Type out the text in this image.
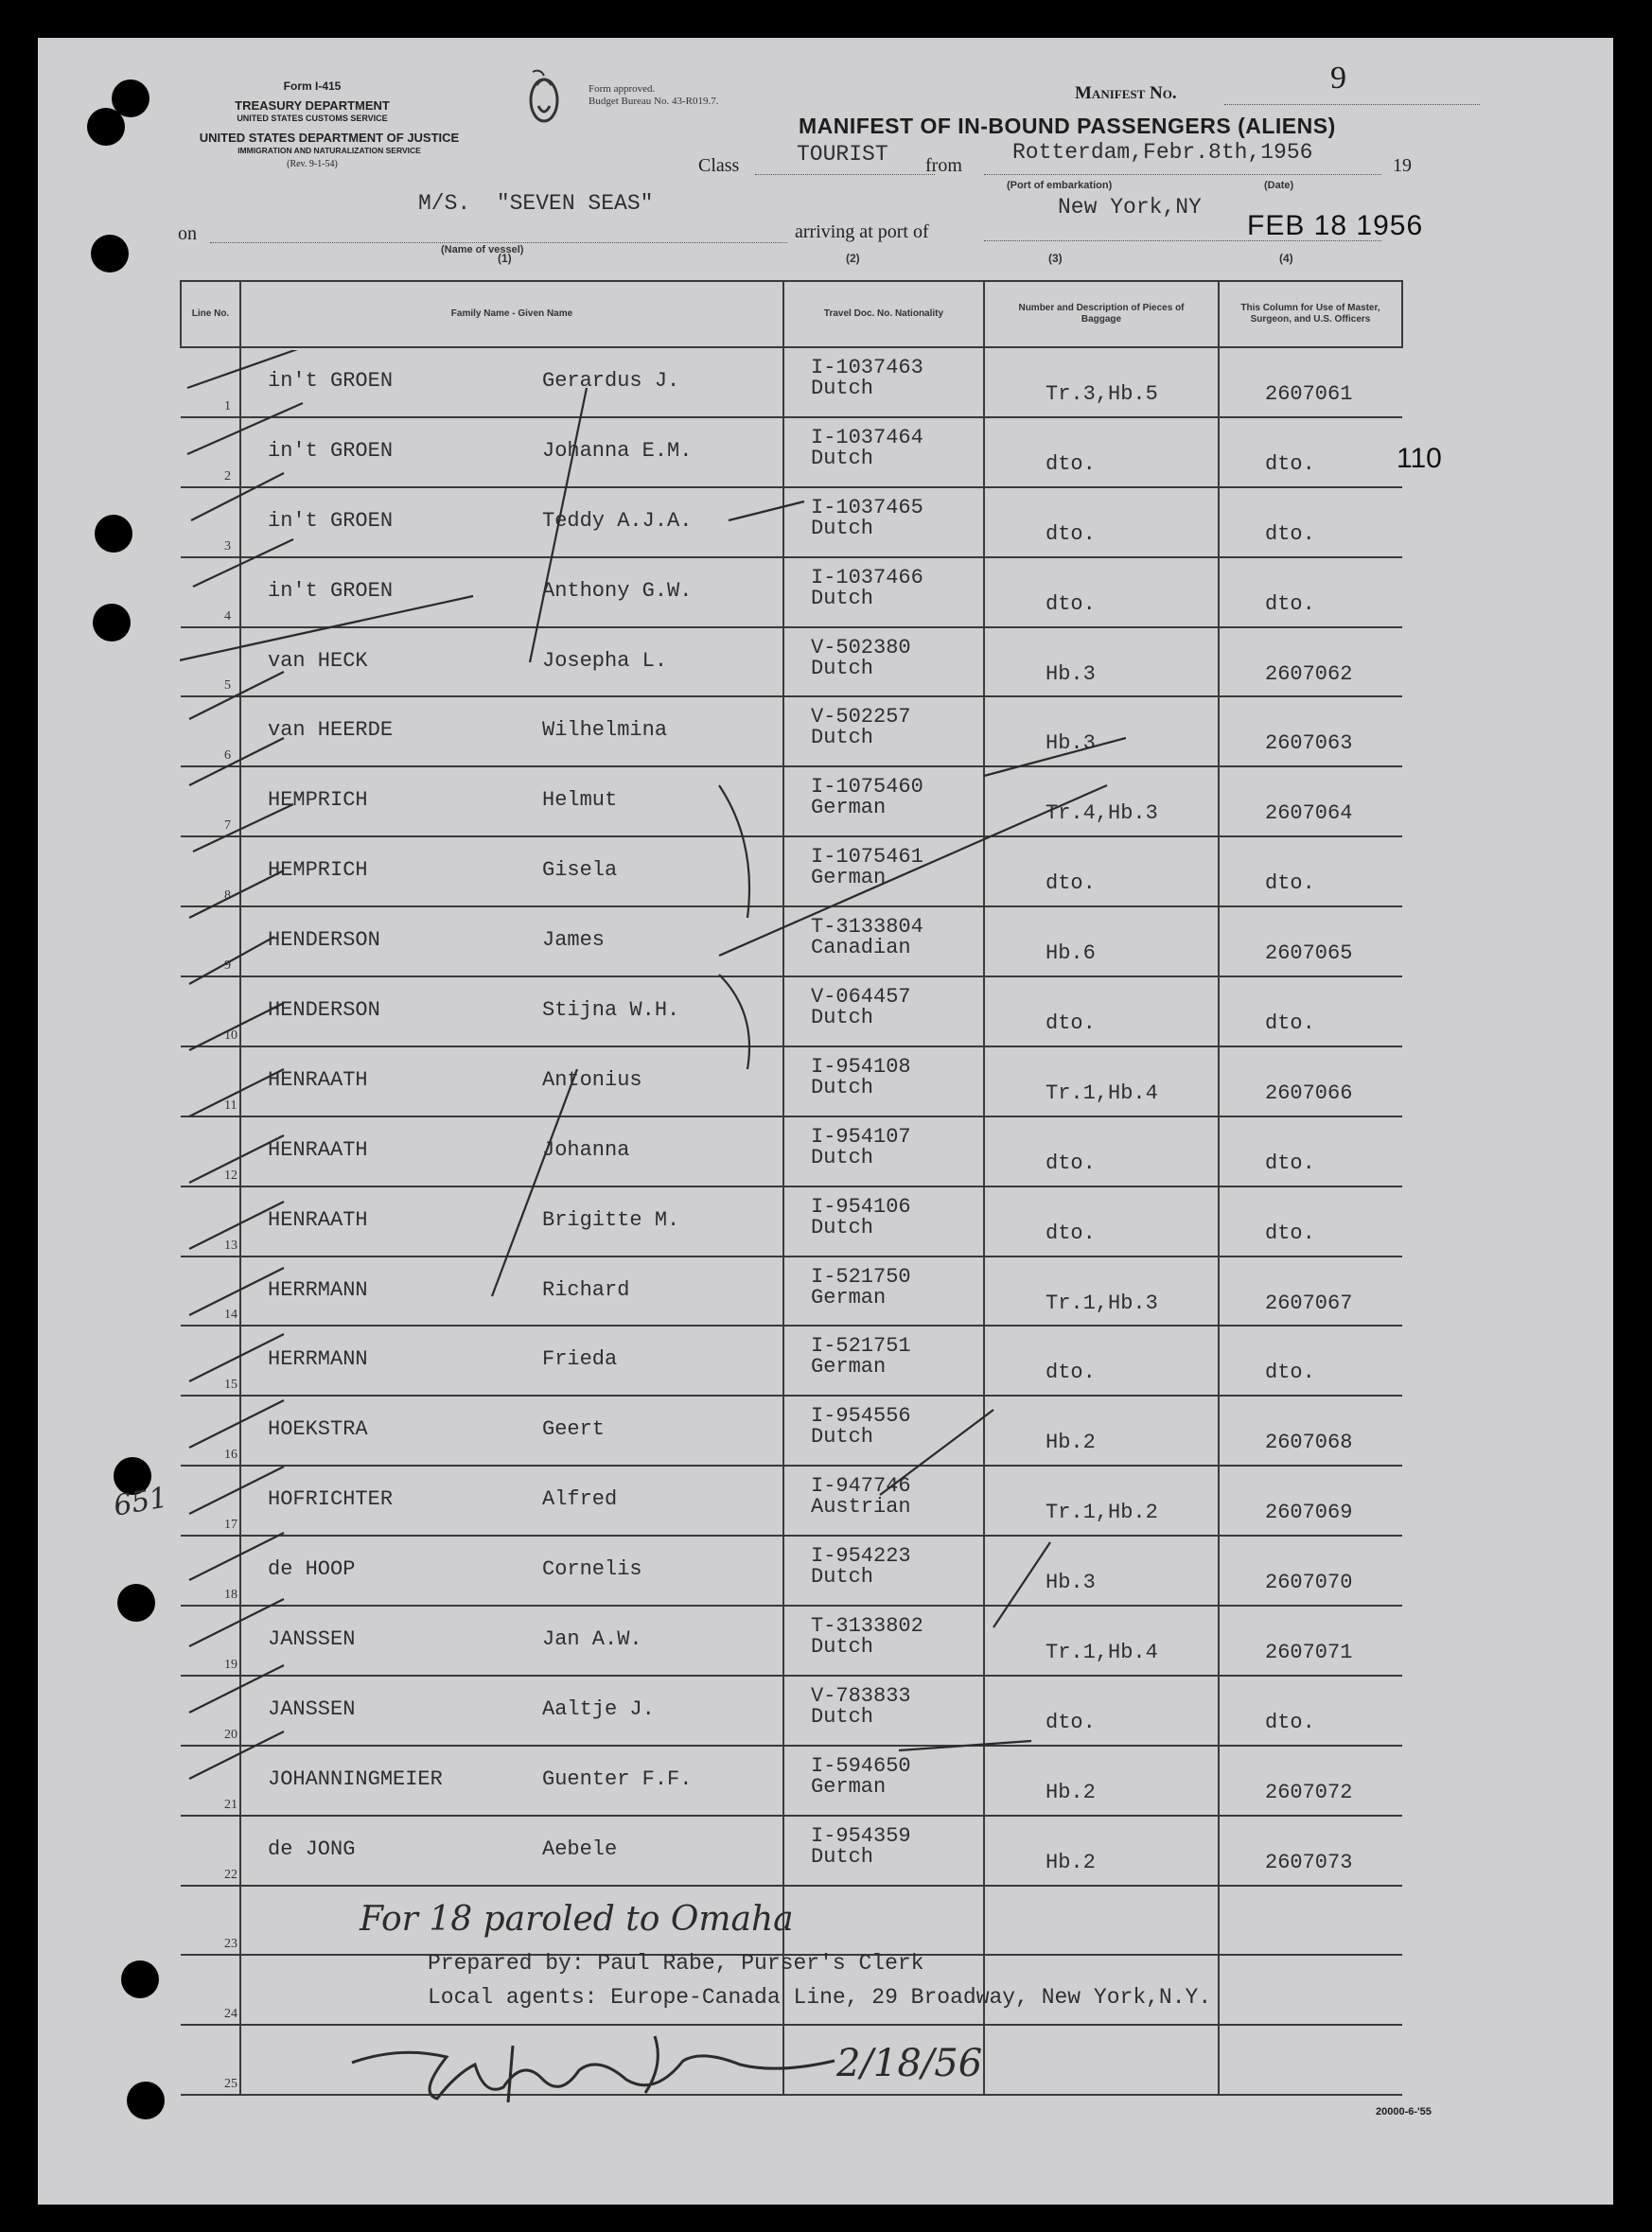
Form I-415
TREASURY DEPARTMENT
UNITED STATES CUSTOMS SERVICE
UNITED STATES DEPARTMENT OF JUSTICE
IMMIGRATION AND NATURALIZATION SERVICE
(Rev. 9-1-54)
Form approved.
Budget Bureau No. 43-R019.7.	Manifest No.	9
MANIFEST OF IN-BOUND PASSENGERS (ALIENS)
Class	TOURIST from
Rotterdam,Febr.8th,1956
19
(Port of embarkation)	(Date)
on
M/S.  "SEVEN SEAS"
(Name of vessel)
arriving at port of
New York,NY
FEB 18 1956
(1)	(2)	(3)	(4)
Line No.	Family Name - Given Name	Travel Doc. No. Nationality	Number and Description of Pieces of Baggage	This Column for Use of Master, Surgeon, and U.S. Officers

1	in't GROEN Gerardus J.	I-1037463
Dutch	Tr.3,Hb.5	2607061

2	in't GROEN Johanna E.M.	I-1037464
Dutch	dto.	dto.

3	in't GROEN Teddy A.J.A.	I-1037465
Dutch	dto.	dto.

4	in't GROEN Anthony G.W.	I-1037466
Dutch	dto.	dto.

5	van HECK Josepha L.	V-502380
Dutch	Hb.3	2607062

6	van HEERDE Wilhelmina	V-502257
Dutch	Hb.3	2607063

7	HEMPRICH Helmut	I-1075460
German	Tr.4,Hb.3	2607064

8	HEMPRICH Gisela	I-1075461
German	dto.	dto.

9	HENDERSON James	T-3133804
Canadian	Hb.6	2607065

10	HENDERSON Stijna W.H.	V-064457
Dutch	dto.	dto.

11	HENRAATH Antonius	I-954108
Dutch	Tr.1,Hb.4	2607066

12	HENRAATH Johanna	I-954107
Dutch	dto.	dto.

13	HENRAATH Brigitte M.	I-954106
Dutch	dto.	dto.

14	HERRMANN Richard	I-521750
German	Tr.1,Hb.3	2607067

15	HERRMANN Frieda	I-521751
German	dto.	dto.

16	HOEKSTRA Geert	I-954556
Dutch	Hb.2	2607068

17	HOFRICHTER Alfred	I-947746
Austrian	Tr.1,Hb.2	2607069

18	de HOOP Cornelis	I-954223
Dutch	Hb.3	2607070

19	JANSSEN Jan A.W.	T-3133802
Dutch	Tr.1,Hb.4	2607071

20	JANSSEN Aaltje J.	V-783833
Dutch	dto.	dto.

21	JOHANNINGMEIER Guenter F.F.	I-594650
German	Hb.2	2607072

22	de JONG Aebele	I-954359
Dutch	Hb.2	2607073

23				

24				

25				

110
Prepared by: Paul Rabe, Purser's Clerk
Local agents: Europe-Canada Line, 29 Broadway, New York,N.Y.
For 18 paroled to Omaha
2/18/56
651
20000-6-'55
